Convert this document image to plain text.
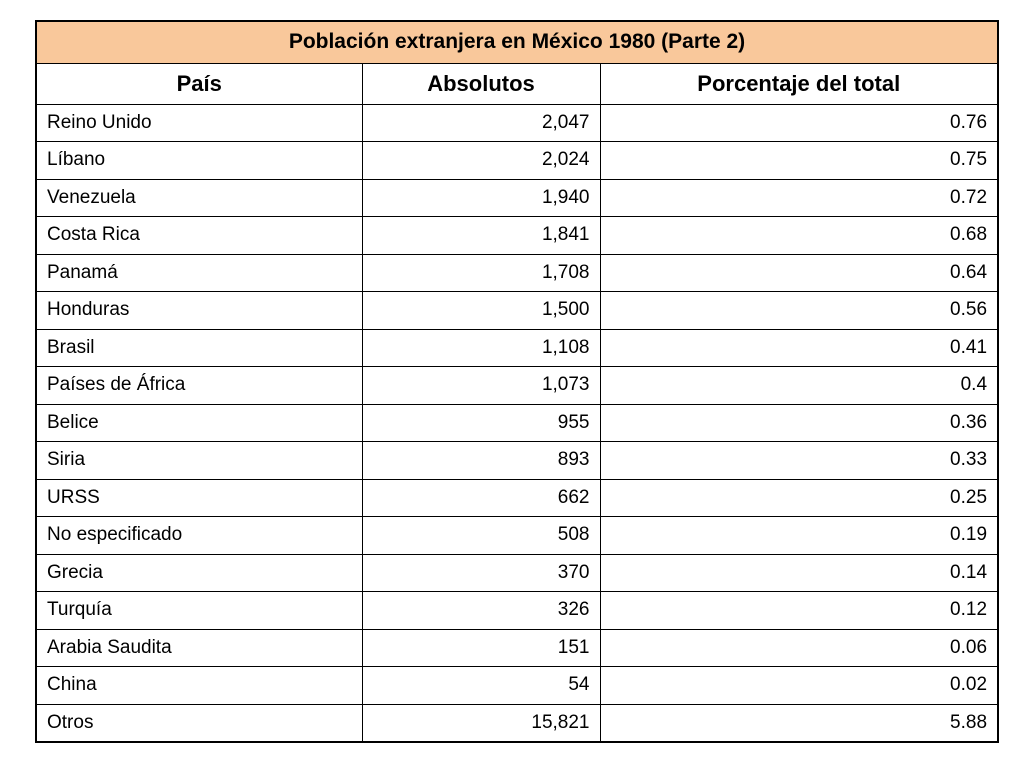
Población extranjera en México 1980 (Parte 2)		
País	Absolutos	Porcentaje del total
Reino Unido	2,047	0.76
Líbano	2,024	0.75
Venezuela	1,940	0.72
Costa Rica	1,841	0.68
Panamá	1,708	0.64
Honduras	1,500	0.56
Brasil	1,108	0.41
Países de África	1,073	0.4
Belice	955	0.36
Siria	893	0.33
URSS	662	0.25
No especificado	508	0.19
Grecia	370	0.14
Turquía	326	0.12
Arabia Saudita	151	0.06
China	54	0.02
Otros	15,821	5.88
